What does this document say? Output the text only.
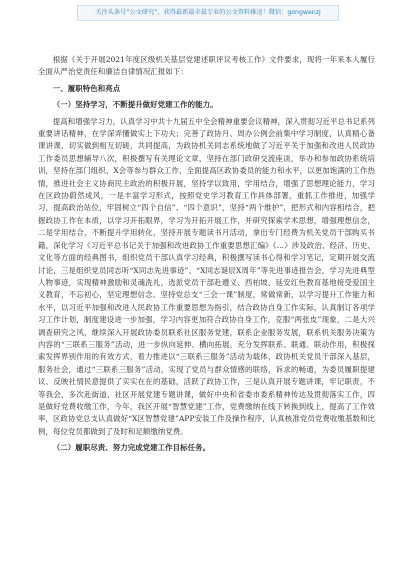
关注头条号“公文研究”，获得最新最全最专业的公文资料推送！微信：gongwenzj

根据《关于开展2021年度区级机关基层党建述职评议考核工作》文件要求，现将一年来本人履行全面从严治党责任和廉洁自律情况汇报如下：

一、履职特色和亮点

（一）坚持学习，不断提升做好党建工作的能力。

提高和增强学习力，认真学习中共十九届五中全会精神重要会议精神，深入贯彻习近平总书记系列重要讲话精神，在学深弄懂做实上下功夫；完善了政协月、周办公例会前集中学习制度，认真精心备课讲课，切实做到相互切磋，共同提高，为政协机关同志系统地做了习近平关于加强和改进人民政协工作委员思想辅导八次，积极撰写有关理论文章，坚持在部门政研交流座谈，举办和参加政协系统培训，坚持在部门组织、X会等参与群众工作，全面提高区政协委员的能力和水平，以更加饱满的工作热情，推进社会主义协商民主政治的积极开展，坚持学以致用，学用结合，增强了思想理论能力，学习在区政协蔚然成风，一是丰富学习形式，按照党史学习教育工作具体部署，重抓工作推进，加强学习，提高政治站位，牢固树立“四个自信”、“四个意识”，坚持“两个维护”，把形式和内容相结合，把握政协工作在本质，以学习开拓眼界，学习为开拓开展工作，并研究探索学术思想，增强理想信念，二是学用结合，不断提升学用转化，坚持开展专题读书月活动，拿出专门经费为机关党员干部购买书籍，深化学习《习近平总书记关于加强和改进政协工作重要思想汇编》《…》涉及政治、经济、历史、文化等方面的经典图书，组织党员干部认真学习经典，积极撰写读书心得和学习笔记，定期开展交流讨论，三是组织党员同志听“X同志先进事迹”、“X同志诞辰X周年”等先进事迹报告会，学习先进典型人物事迹，实现精神激励和灵魂洗礼，选派党员干部赴遵义、西柏坡、延安红色教育基地接受爱国主义教育，不忘初心，坚定理想信念。坚持党总支“三会一课”制度，常做常新，以学习提升工作能力和水平，以习近平加强和改进人民政协工作重要思想为指引，结合政协自身工作实际，认真制订各项学习工作计划，制度建设进一步加强，学习内容更加符合政协自身工作，克服“两张皮”现象，二是大兴调查研究之风，继续深入开展政协委员联系社区服务党建，联系企业服务发展，联系机关服务决策为内容的“三联系三服务”活动，进一步纵向延伸、横向拓展，充分发挥联系、联通、联动作用，积极探索发挥界别作用的有效方式，着力推进以“三联系三服务”活动为载体，政协机关党员干部深入基层，服务社会，通过“三联系三服务”活动，实现了党员与群众情感的联络，诉求的畅通，为委员履职提建议、反映社情民意提供了实实在在的基础，活跃了政协工作，三是认真开展专题讲课，牢记职责，不等我会，多次赴街道、社区开展党建专题讲课，做好中央和省委市委系精神传达及贯彻落实工作，四是做好党费收缴工作，今年，我区开展“智慧党建”工作，党费缴纳在线下转换到线上，提高了工作效率，区政协党总支认真做好“X区智慧党建”APP安装工作及操作程序，认真核准党员党费收缴基数和比例，每位党员都做到了及时和足额缴纳党费。

（二）履职尽责、努力完成党建工作目标任务。
